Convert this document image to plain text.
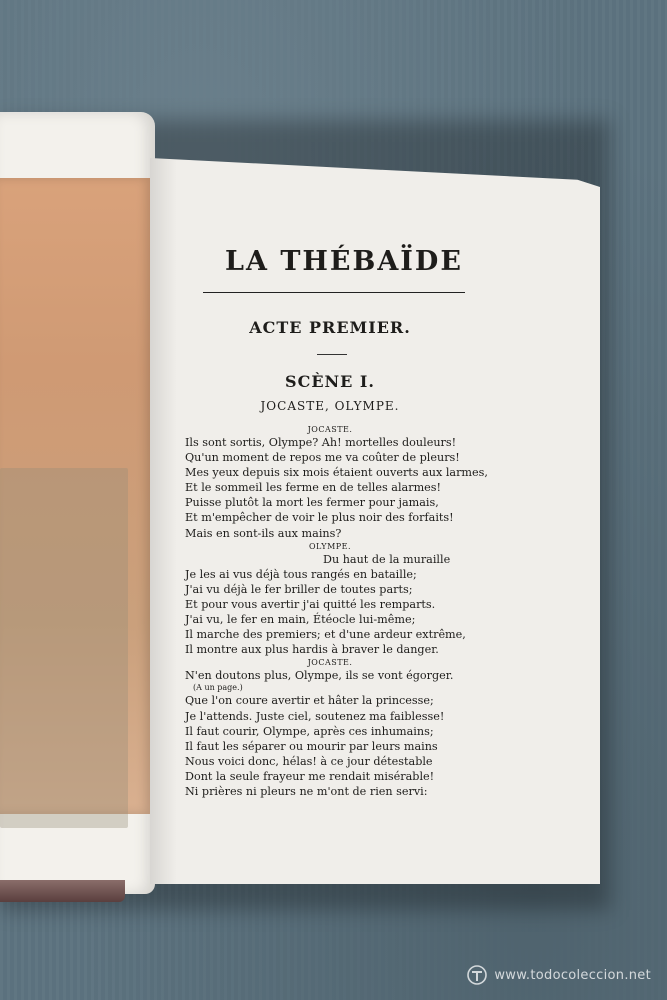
LA THÉBAÏDE
ACTE PREMIER.
SCÈNE I.
JOCASTE, OLYMPE.
JOCASTE.
Ils sont sortis, Olympe? Ah! mortelles douleurs!
Qu'un moment de repos me va coûter de pleurs!
Mes yeux depuis six mois étaient ouverts aux larmes,
Et le sommeil les ferme en de telles alarmes!
Puisse plutôt la mort les fermer pour jamais,
Et m'empêcher de voir le plus noir des forfaits!
Mais en sont-ils aux mains?
OLYMPE.
Du haut de la muraille
Je les ai vus déjà tous rangés en bataille;
J'ai vu déjà le fer briller de toutes parts;
Et pour vous avertir j'ai quitté les remparts.
J'ai vu, le fer en main, Étéocle lui-même;
Il marche des premiers; et d'une ardeur extrême,
Il montre aux plus hardis à braver le danger.
JOCASTE.
N'en doutons plus, Olympe, ils se vont égorger.
(A un page.)
Que l'on coure avertir et hâter la princesse;
Je l'attends. Juste ciel, soutenez ma faiblesse!
Il faut courir, Olympe, après ces inhumains;
Il faut les séparer ou mourir par leurs mains
Nous voici donc, hélas! à ce jour détestable
Dont la seule frayeur me rendait misérable!
Ni prières ni pleurs ne m'ont de rien servi:
www.todocoleccion.net
